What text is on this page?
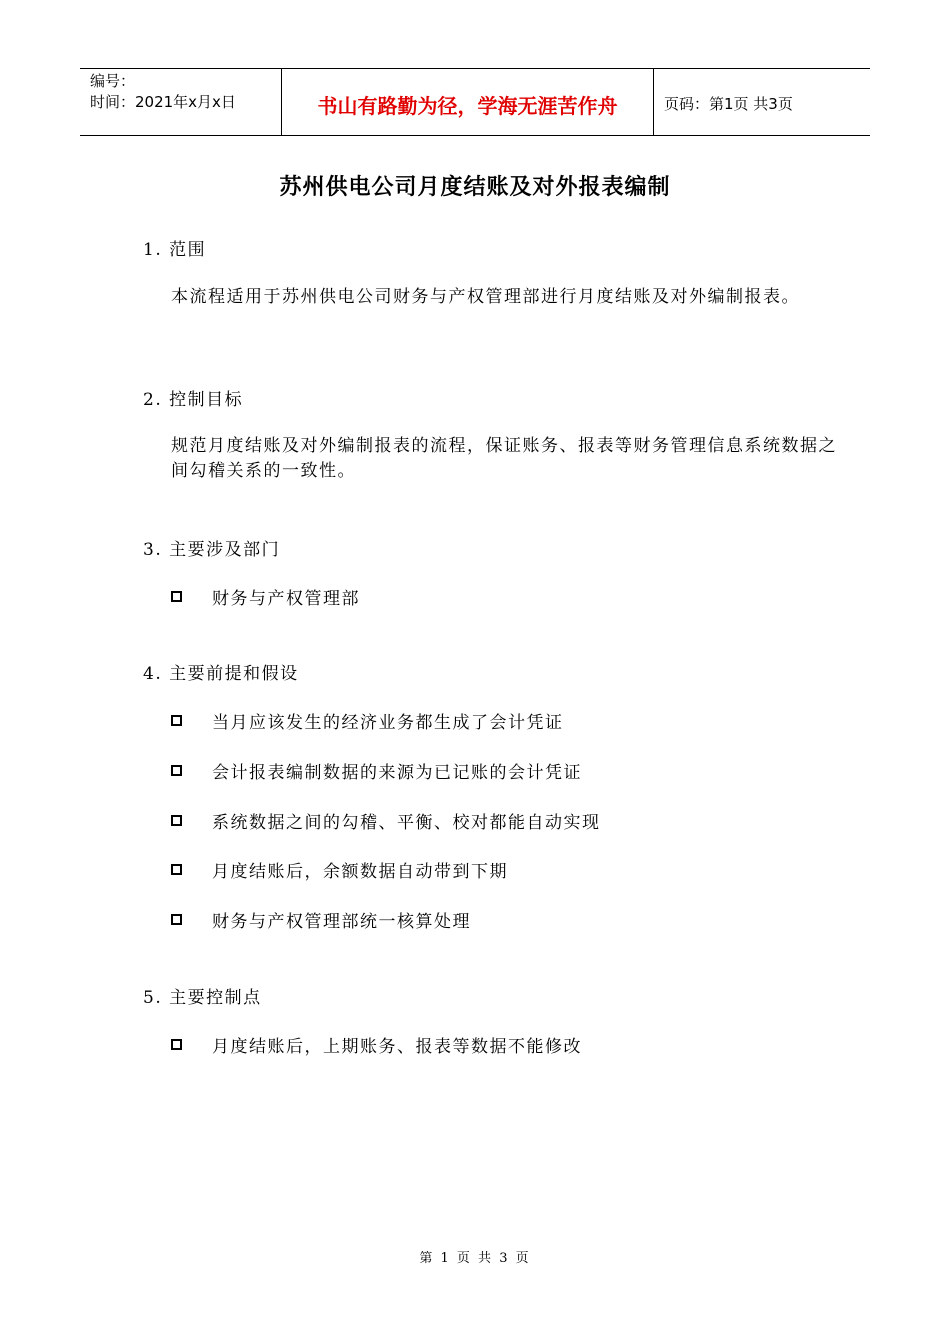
编号：
时间：2021年x月x日	书山有路勤为径，学海无涯苦作舟	页码：第1页 共3页
苏州供电公司月度结账及对外报表编制
1. 范围
本流程适用于苏州供电公司财务与产权管理部进行月度结账及对外编制报表。
2. 控制目标
规范月度结账及对外编制报表的流程，保证账务、报表等财务管理信息系统数据之间勾稽关系的一致性。
3. 主要涉及部门
财务与产权管理部
4. 主要前提和假设
当月应该发生的经济业务都生成了会计凭证
会计报表编制数据的来源为已记账的会计凭证
系统数据之间的勾稽、平衡、校对都能自动实现
月度结账后，余额数据自动带到下期
财务与产权管理部统一核算处理
5. 主要控制点
月度结账后，上期账务、报表等数据不能修改
第 1 页 共 3 页
